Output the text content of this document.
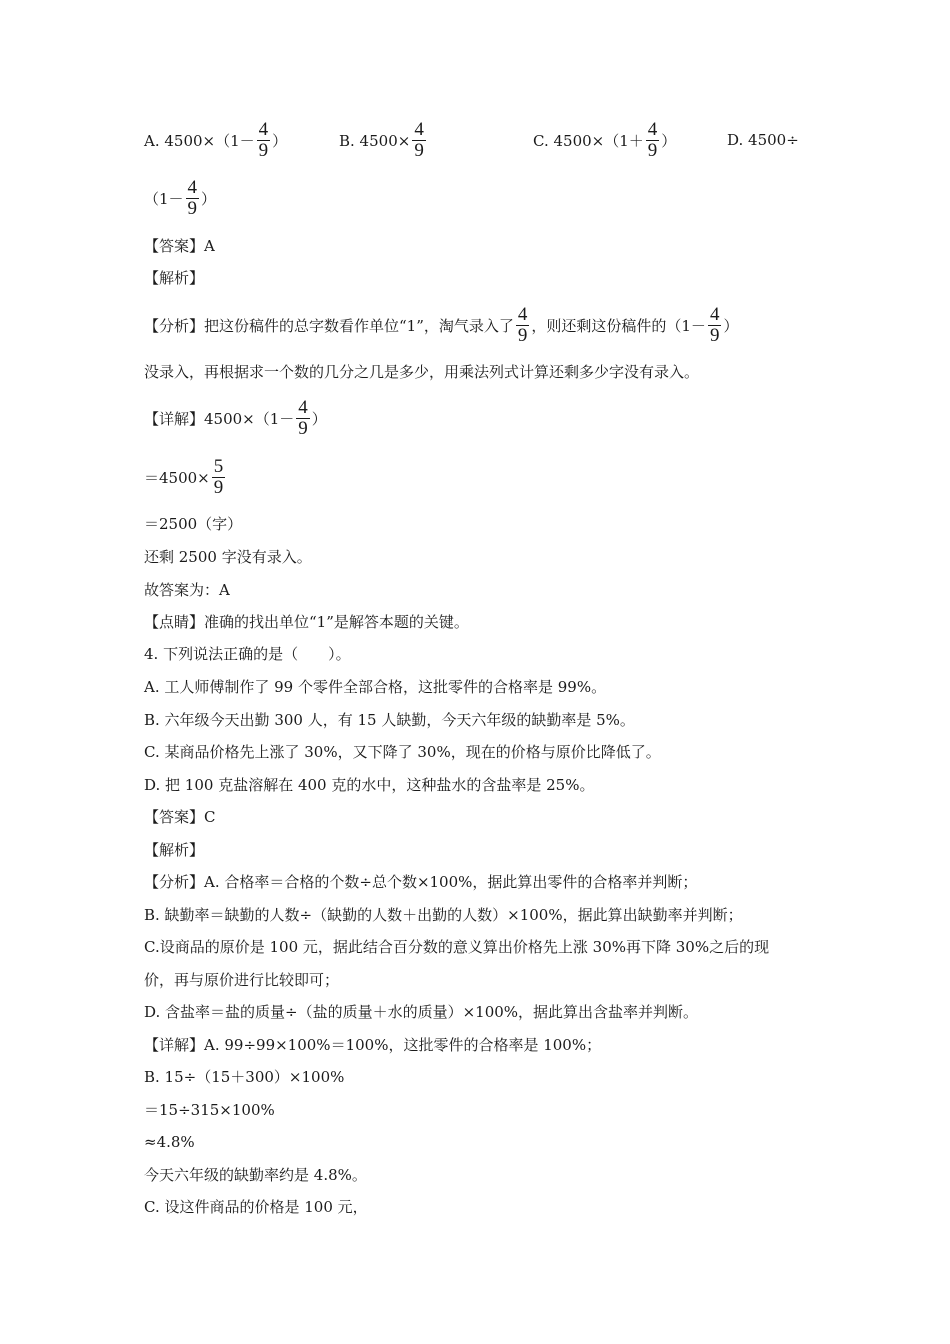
A. $4500\times(1- \frac{4}{9}$ ）	B. $4500\times \frac{4}{9}$	C. $4500\times(1+ \frac{4}{9}$ ）	D. 4500÷
（$1- \frac{4}{9}$ ）
【答案】A
【解析】
【分析】把这份稿件的总字数看作单位“1”，淘气录入了 $\frac{4}{9}$ ，则还剩这份稿件的（$1- \frac{4}{9}$ ）
没录入，再根据求一个数的几分之几是多少，用乘法列式计算还剩多少字没有录入。
【详解】$4500\times(1- \frac{4}{9}$ ）
$=4500\times \frac{5}{9}$
＝2500（字）
还剩 2500 字没有录入。
故答案为：A
【点睛】准确的找出单位“1”是解答本题的关键。
4. 下列说法正确的是（　　）。
A. 工人师傅制作了 99 个零件全部合格，这批零件的合格率是 99%。
B. 六年级今天出勤 300 人，有 15 人缺勤，今天六年级的缺勤率是 5%。
C. 某商品价格先上涨了 30%，又下降了 30%，现在的价格与原价比降低了。
D. 把 100 克盐溶解在 400 克的水中，这种盐水的含盐率是 25%。
【答案】C
【解析】
【分析】A. 合格率＝合格的个数÷总个数×100%，据此算出零件的合格率并判断；
B. 缺勤率＝缺勤的人数÷（缺勤的人数＋出勤的人数）×100%，据此算出缺勤率并判断；
C.设商品的原价是 100 元，据此结合百分数的意义算出价格先上涨 30%再下降 30%之后的现
价，再与原价进行比较即可；
D. 含盐率＝盐的质量÷（盐的质量＋水的质量）×100%，据此算出含盐率并判断。
【详解】A. 99÷99×100%＝100%，这批零件的合格率是 100%；
B. 15÷（15＋300）×100%
＝15÷315×100%
≈4.8%
今天六年级的缺勤率约是 4.8%。
C. 设这件商品的价格是 100 元，
